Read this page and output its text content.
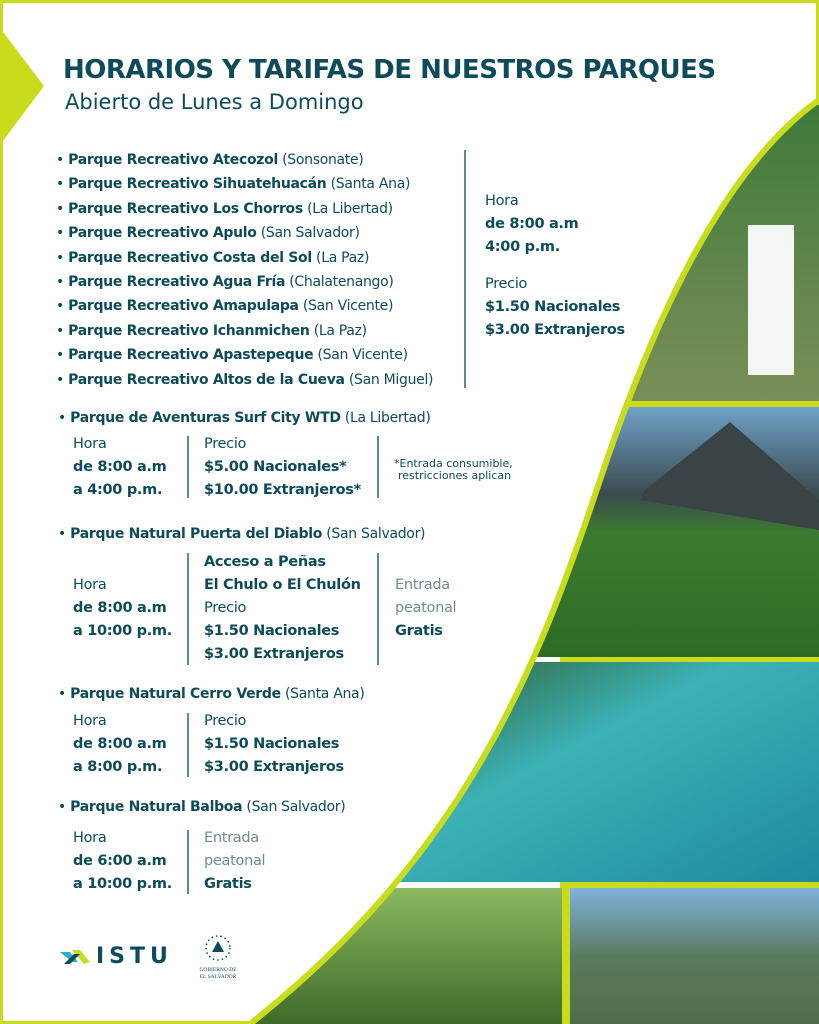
HORARIOS Y TARIFAS DE NUESTROS PARQUES
Abierto de Lunes a Domingo
• Parque Recreativo Atecozol (Sonsonate)
• Parque Recreativo Sihuatehuacán (Santa Ana)
• Parque Recreativo Los Chorros (La Libertad)
• Parque Recreativo Apulo (San Salvador)
• Parque Recreativo Costa del Sol (La Paz)
• Parque Recreativo Agua Fría (Chalatenango)
• Parque Recreativo Amapulapa (San Vicente)
• Parque Recreativo Ichanmichen (La Paz)
• Parque Recreativo Apastepeque (San Vicente)
• Parque Recreativo Altos de la Cueva (San Miguel)
Hora
de 8:00 a.m
4:00 p.m.
Precio
$1.50 Nacionales
$3.00 Extranjeros
• Parque de Aventuras Surf City WTD (La Libertad)
Hora
de 8:00 a.m
a 4:00 p.m.
Precio
$5.00 Nacionales*
$10.00 Extranjeros*
*Entrada consumible,
restricciones aplican
• Parque Natural Puerta del Diablo (San Salvador)
Hora
de 8:00 a.m
a 10:00 p.m.
Acceso a Peñas
El Chulo o El Chulón
Precio
$1.50 Nacionales
$3.00 Extranjeros
Entrada
peatonal
Gratis
• Parque Natural Cerro Verde (Santa Ana)
Hora
de 8:00 a.m
a 8:00 p.m.
Precio
$1.50 Nacionales
$3.00 Extranjeros
• Parque Natural Balboa (San Salvador)
Hora
de 6:00 a.m
a 10:00 p.m.
Entrada
peatonal
Gratis
ISTU
GOBIERNO DE
EL SALVADOR
